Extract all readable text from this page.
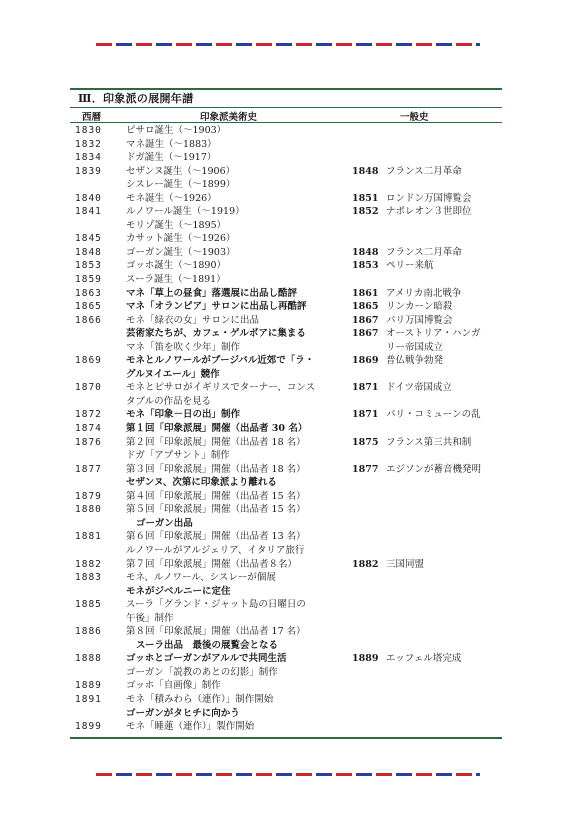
Ⅲ．印象派の展開年譜
西暦	印象派美術史	一般史
1830	ピサロ誕生（〜1903）
1832	マネ誕生（〜1883）
1834	ドガ誕生（〜1917）
1839	セザンヌ誕生（〜1906）	1848 フランス二月革命
シスレー誕生（〜1899）
1840	モネ誕生（〜1926）	1851 ロンドン万国博覧会
1841	ルノワール誕生（〜1919）	1852 ナポレオン３世即位
モリゾ誕生（〜1895）
1845	カサット誕生（〜1926）
1848	ゴーガン誕生（〜1903）	1848 フランス二月革命
1853	ゴッホ誕生（〜1890）	1853 ペリー来航
1859	スーラ誕生（〜1891）
1863	マネ「草上の昼食」落選展に出品し酷評	1861 アメリカ南北戦争
1865	マネ「オランピア」サロンに出品し再酷評	1865 リンカーン暗殺
1866	モネ「緑衣の女」サロンに出品	1867 パリ万国博覧会
芸術家たちが、カフェ・ゲルボアに集まる	1867 オーストリア・ハンガ
マネ「笛を吹く少年」制作	リー帝国成立
1869	モネとルノワールがブージバル近郊で「ラ・	1869 普仏戦争勃発
グルヌイエール」競作
1870	モネとピサロがイギリスでターナー、コンス	1871 ドイツ帝国成立
タブルの作品を見る
1872	モネ「印象－日の出」制作	1871 パリ・コミューンの乱
1874	第１回「印象派展」開催（出品者 30 名）
1876	第２回「印象派展」開催（出品者 18 名）	1875 フランス第三共和制
ドガ「アプサント」制作
1877	第３回「印象派展」開催（出品者 18 名）	1877 エジソンが蓄音機発明
セザンヌ、次第に印象派より離れる
1879	第４回「印象派展」開催（出品者 15 名）
1880	第５回「印象派展」開催（出品者 15 名）
ゴーガン出品
1881	第６回「印象派展」開催（出品者 13 名）
ルノワールがアルジェリア、イタリア旅行
1882	第７回「印象派展」開催（出品者８名）	1882 三国同盟
1883	モネ、ルノワール、シスレーが個展
モネがジベルニーに定住
1885	スーラ「グランド・ジャット島の日曜日の
午後」制作
1886	第８回「印象派展」開催（出品者 17 名）
スーラ出品　最後の展覧会となる
1888	ゴッホとゴーガンがアルルで共同生活	1889 エッフェル塔完成
ゴーガン「説教のあとの幻影」制作
1889	ゴッホ「自画像」制作
1891	モネ「積みわら（連作）」制作開始
ゴーガンがタヒチに向かう
1899	モネ「睡蓮（連作）」製作開始
